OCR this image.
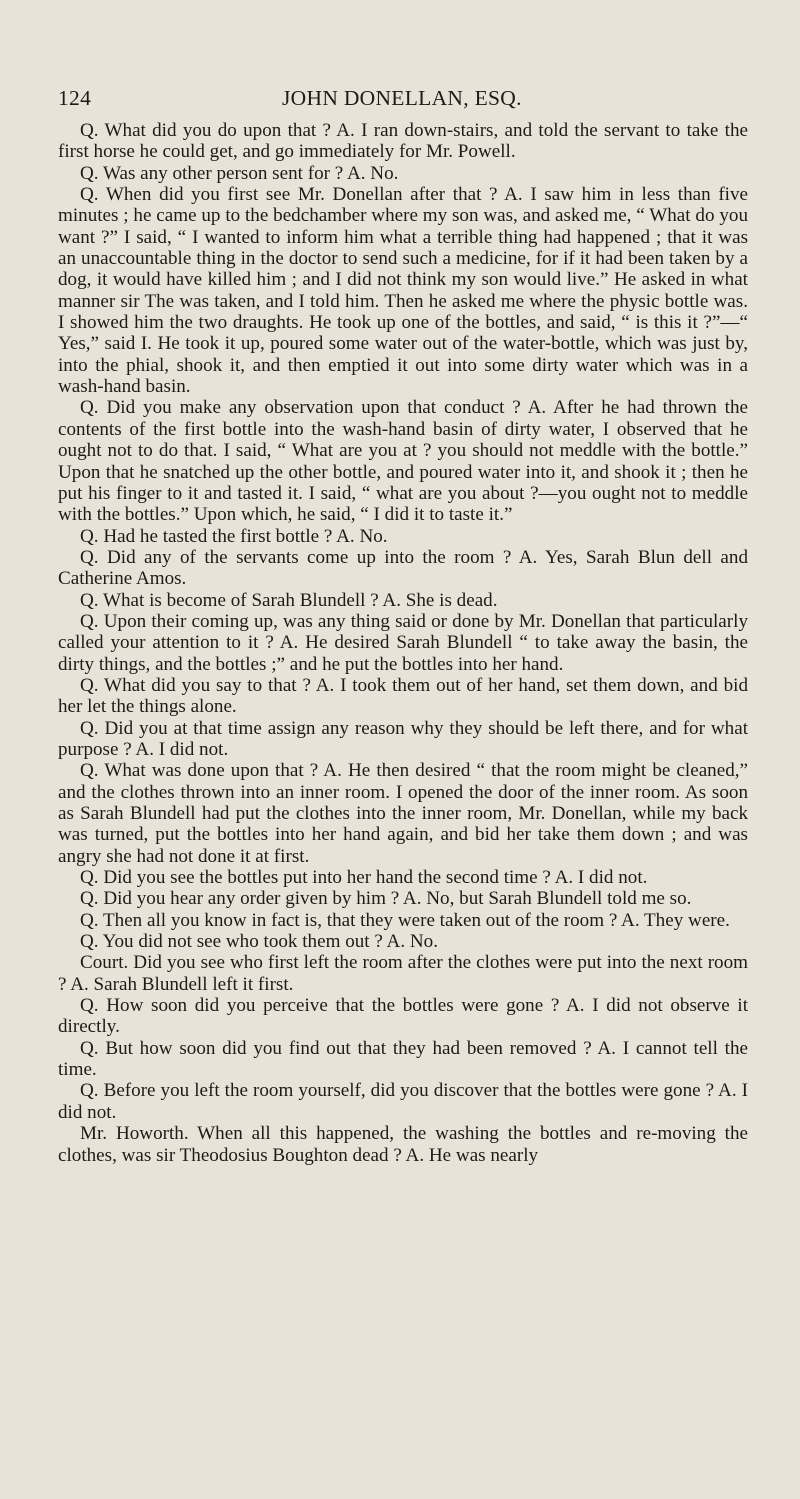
124	JOHN DONELLAN, ESQ.

Q. What did you do upon that ? A. I ran down-stairs, and told the servant to take the first horse he could get, and go immediately for Mr. Powell.

Q. Was any other person sent for ? A. No.

Q. When did you first see Mr. Donellan after that ? A. I saw him in less than five minutes ; he came up to the bedchamber where my son was, and asked me, “ What do you want ?” I said, “ I wanted to inform him what a terrible thing had happened ; that it was an unaccountable thing in the doctor to send such a medicine, for if it had been taken by a dog, it would have killed him ; and I did not think my son would live.” He asked in what manner sir The was taken, and I told him. Then he asked me where the physic bottle was. I showed him the two draughts. He took up one of the bottles, and said, “ is this it ?”—“ Yes,” said I. He took it up, poured some water out of the water-bottle, which was just by, into the phial, shook it, and then emptied it out into some dirty water which was in a wash-hand basin.

Q. Did you make any observation upon that conduct ? A. After he had thrown the contents of the first bottle into the wash-hand basin of dirty water, I observed that he ought not to do that. I said, “ What are you at ? you should not meddle with the bottle.” Upon that he snatched up the other bottle, and poured water into it, and shook it ; then he put his finger to it and tasted it. I said, “ what are you about ?—you ought not to meddle with the bottles.” Upon which, he said, “ I did it to taste it.”

Q. Had he tasted the first bottle ? A. No.

Q. Did any of the servants come up into the room ? A. Yes, Sarah Blun dell and Catherine Amos.

Q. What is become of Sarah Blundell ? A. She is dead.

Q. Upon their coming up, was any thing said or done by Mr. Donellan that particularly called your attention to it ? A. He desired Sarah Blundell “ to take away the basin, the dirty things, and the bottles ;” and he put the bottles into her hand.

Q. What did you say to that ? A. I took them out of her hand, set them down, and bid her let the things alone.

Q. Did you at that time assign any reason why they should be left there, and for what purpose ? A. I did not.

Q. What was done upon that ? A. He then desired “ that the room might be cleaned,” and the clothes thrown into an inner room. I opened the door of the inner room. As soon as Sarah Blundell had put the clothes into the inner room, Mr. Donellan, while my back was turned, put the bottles into her hand again, and bid her take them down ; and was angry she had not done it at first.

Q. Did you see the bottles put into her hand the second time ? A. I did not.

Q. Did you hear any order given by him ? A. No, but Sarah Blundell told me so.

Q. Then all you know in fact is, that they were taken out of the room ? A. They were.

Q. You did not see who took them out ? A. No.

Court. Did you see who first left the room after the clothes were put into the next room ? A. Sarah Blundell left it first.

Q. How soon did you perceive that the bottles were gone ? A. I did not observe it directly.

Q. But how soon did you find out that they had been removed ? A. I cannot tell the time.

Q. Before you left the room yourself, did you discover that the bottles were gone ? A. I did not.

Mr. Howorth. When all this happened, the washing the bottles and re-moving the clothes, was sir Theodosius Boughton dead ? A. He was nearly
